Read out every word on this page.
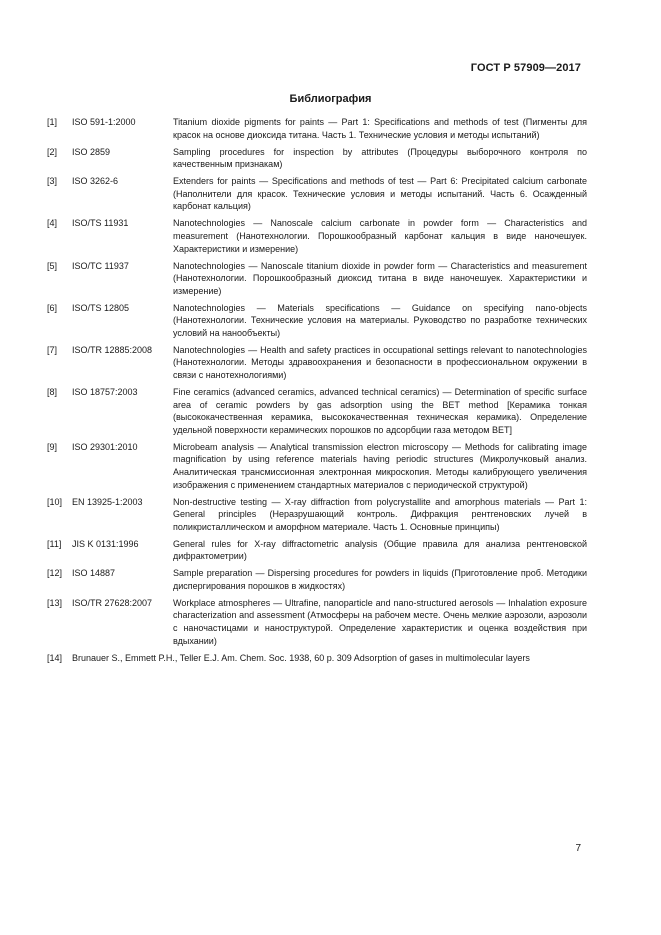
ГОСТ Р 57909—2017
Библиография
[1]	ISO 591-1:2000	Titanium dioxide pigments for paints — Part 1: Specifications and methods of test (Пигменты для красок на основе диоксида титана. Часть 1. Технические условия и методы испытаний)
[2]	ISO 2859	Sampling procedures for inspection by attributes (Процедуры выборочного контроля по качественным признакам)
[3]	ISO 3262-6	Extenders for paints — Specifications and methods of test — Part 6: Precipitated calcium carbonate (Наполнители для красок. Технические условия и методы испытаний. Часть 6. Осажденный карбонат кальция)
[4]	ISO/TS 11931	Nanotechnologies — Nanoscale calcium carbonate in powder form — Characteristics and measurement (Нанотехнологии. Порошкообразный карбонат кальция в виде наночешуек. Характеристики и измерение)
[5]	ISO/TC 11937	Nanotechnologies — Nanoscale titanium dioxide in powder form — Characteristics and measurement (Нанотехнологии. Порошкообразный диоксид титана в виде наночешуек. Характеристики и измерение)
[6]	ISO/TS 12805	Nanotechnologies — Materials specifications — Guidance on specifying nano-objects (Нанотехнологии. Технические условия на материалы. Руководство по разработке технических условий на нанообъекты)
[7]	ISO/TR 12885:2008	Nanotechnologies — Health and safety practices in occupational settings relevant to nanotechnologies (Нанотехнологии. Методы здравоохранения и безопасности в профессиональном окружении в связи с нанотехнологиями)
[8]	ISO 18757:2003	Fine ceramics (advanced ceramics, advanced technical ceramics) — Determination of specific surface area of ceramic powders by gas adsorption using the BET method [Керамика тонкая (высококачественная керамика, высококачественная техническая керамика). Определение удельной поверхности керамических порошков по адсорбции газа методом BET]
[9]	ISO 29301:2010	Microbeam analysis — Analytical transmission electron microscopy — Methods for calibrating image magnification by using reference materials having periodic structures (Микролучковый анализ. Аналитическая трансмиссионная электронная микроскопия. Методы калибрующего увеличения изображения с применением стандартных материалов с периодической структурой)
[10]	EN 13925-1:2003	Non-destructive testing — X-ray diffraction from polycrystallite and amorphous materials — Part 1: General principles (Неразрушающий контроль. Дифракция рентгеновских лучей в поликристаллическом и аморфном материале. Часть 1. Основные принципы)
[11]	JIS K 0131:1996	General rules for X-ray diffractometric analysis (Общие правила для анализа рентгеновской дифрактометрии)
[12]	ISO 14887	Sample preparation — Dispersing procedures for powders in liquids (Приготовление проб. Методики диспергирования порошков в жидкостях)
[13]	ISO/TR 27628:2007	Workplace atmospheres — Ultrafine, nanoparticle and nano-structured aerosols — Inhalation exposure characterization and assessment (Атмосферы на рабочем месте. Очень мелкие аэрозоли, аэрозоли с наночастицами и наноструктурой. Определение характеристик и оценка воздействия при вдыхании)
[14]	Brunauer S., Emmett P.H., Teller E.J. Am. Chem. Soc. 1938, 60 p. 309 Adsorption of gases in multimolecular layers
7
